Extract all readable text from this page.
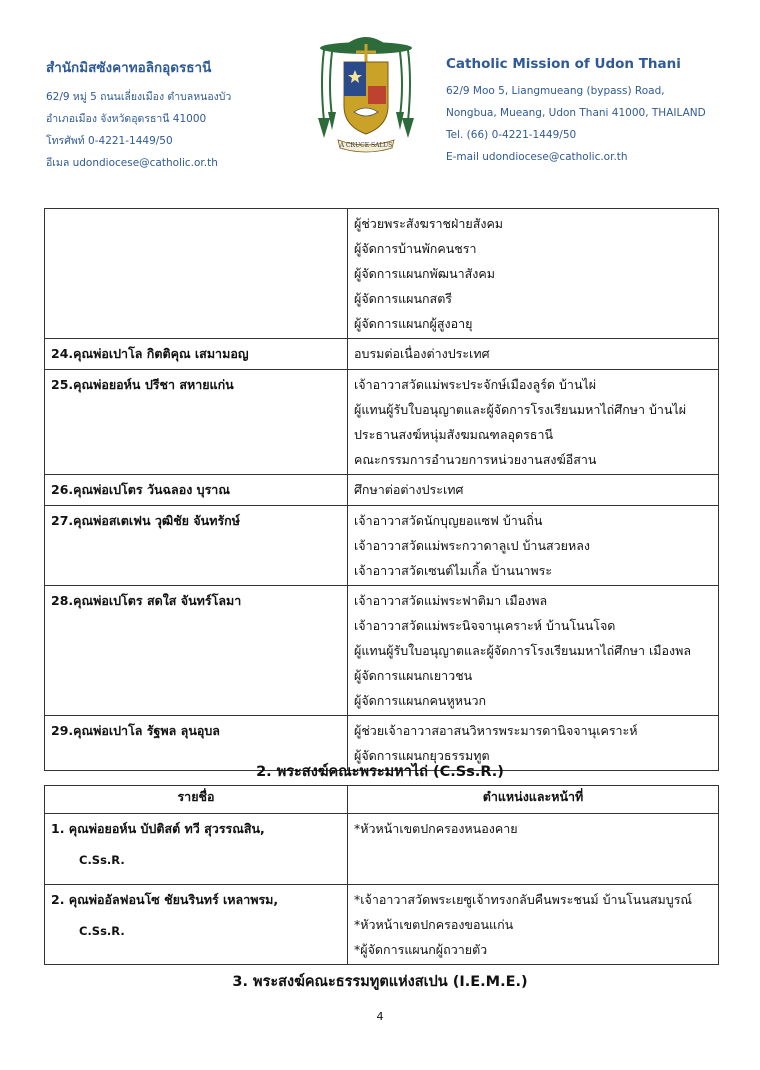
สำนักมิสซังคาทอลิกอุดรธานี
62/9 หมู่ 5 ถนนเลี่ยงเมือง ตำบลหนองบัว
อำเภอเมือง จังหวัดอุดรธานี 41000
โทรศัพท์ 0-4221-1449/50
อีเมล udondiocese@catholic.or.th
A CRUCE SALUS
Catholic Mission of Udon Thani
62/9 Moo 5, Liangmueang (bypass) Road,
Nongbua, Mueang, Udon Thani 41000, THAILAND
Tel. (66) 0-4221-1449/50
E-mail udondiocese@catholic.or.th

	ผู้ช่วยพระสังฆราชฝ่ายสังคม
ผู้จัดการบ้านพักคนชรา
ผู้จัดการแผนกพัฒนาสังคม
ผู้จัดการแผนกสตรี
ผู้จัดการแผนกผู้สูงอายุ

24.คุณพ่อเปาโล กิตติคุณ เสมามอญ	อบรมต่อเนื่องต่างประเทศ

25.คุณพ่อยอห์น ปรีชา สหายแก่น	เจ้าอาวาสวัดแม่พระประจักษ์เมืองลูร์ด บ้านไผ่
ผู้แทนผู้รับใบอนุญาตและผู้จัดการโรงเรียนมหาไถ่ศึกษา บ้านไผ่
ประธานสงฆ์หนุ่มสังฆมณฑลอุดรธานี
คณะกรรมการอำนวยการหน่วยงานสงฆ์อีสาน

26.คุณพ่อเปโตร วันฉลอง บุราณ	ศึกษาต่อต่างประเทศ

27.คุณพ่อสเตเฟน วุฒิชัย จันทรักษ์	เจ้าอาวาสวัดนักบุญยอแซฟ บ้านถิ่น
เจ้าอาวาสวัดแม่พระกวาดาลูเป บ้านสวยหลง
เจ้าอาวาสวัดเซนต์ไมเกิ้ล บ้านนาพระ

28.คุณพ่อเปโตร สดใส จันทร์โลมา	เจ้าอาวาสวัดแม่พระฟาติมา เมืองพล
เจ้าอาวาสวัดแม่พระนิจจานุเคราะห์ บ้านโนนโจด
ผู้แทนผู้รับใบอนุญาตและผู้จัดการโรงเรียนมหาไถ่ศึกษา เมืองพล
ผู้จัดการแผนกเยาวชน
ผู้จัดการแผนกคนหูหนวก

29.คุณพ่อเปาโล รัฐพล ลุนอุบล	ผู้ช่วยเจ้าอาวาสอาสนวิหารพระมารดานิจจานุเคราะห์
ผู้จัดการแผนกยุวธรรมทูต
2. พระสงฆ์คณะพระมหาไถ่ (C.Ss.R.)
รายชื่อ	ตำแหน่งและหน้าที่
1. คุณพ่อยอห์น บัปติสต์ ทวี สุวรรณสิน,
C.Ss.R.	*หัวหน้าเขตปกครองหนองคาย

2. คุณพ่ออัลฟอนโซ ชัยนรินทร์ เหลาพรม,
C.Ss.R.	*เจ้าอาวาสวัดพระเยซูเจ้าทรงกลับคืนพระชนม์ บ้านโนนสมบูรณ์
*หัวหน้าเขตปกครองขอนแก่น
*ผู้จัดการแผนกผู้ถวายตัว
3. พระสงฆ์คณะธรรมทูตแห่งสเปน (I.E.M.E.)
4
